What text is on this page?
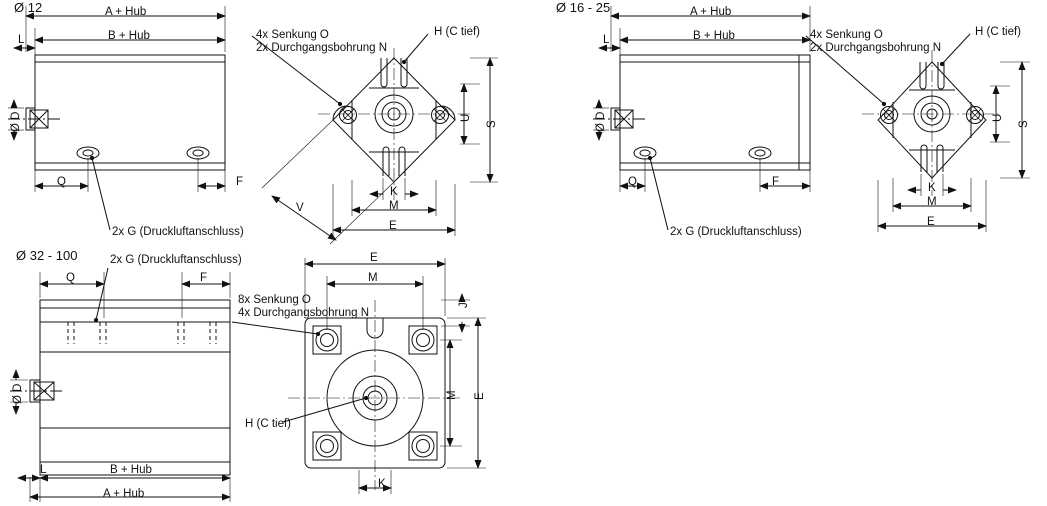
Ø 12	A + Hub
B + Hub
L
Ø D
Q	F
2x G (Druckluftanschluss)
4x Senkung O
2x Durchgangsbohrung N
H (C tief)
U
S
K
M
E
V
Ø 16 - 25	A + Hub
B + Hub
L
Ø D
Q	F
2x G (Druckluftanschluss)
4x Senkung O
2x Durchgangsbohrung N
H (C tief)
U
S
K
M
E
Ø 32 - 100	2x G (Druckluftanschluss)
Q	F
Ø D
L	B + Hub
A + Hub
E
M
8x Senkung O
4x Durchgangsbohrung N
H (C tief)
M E
J
K
